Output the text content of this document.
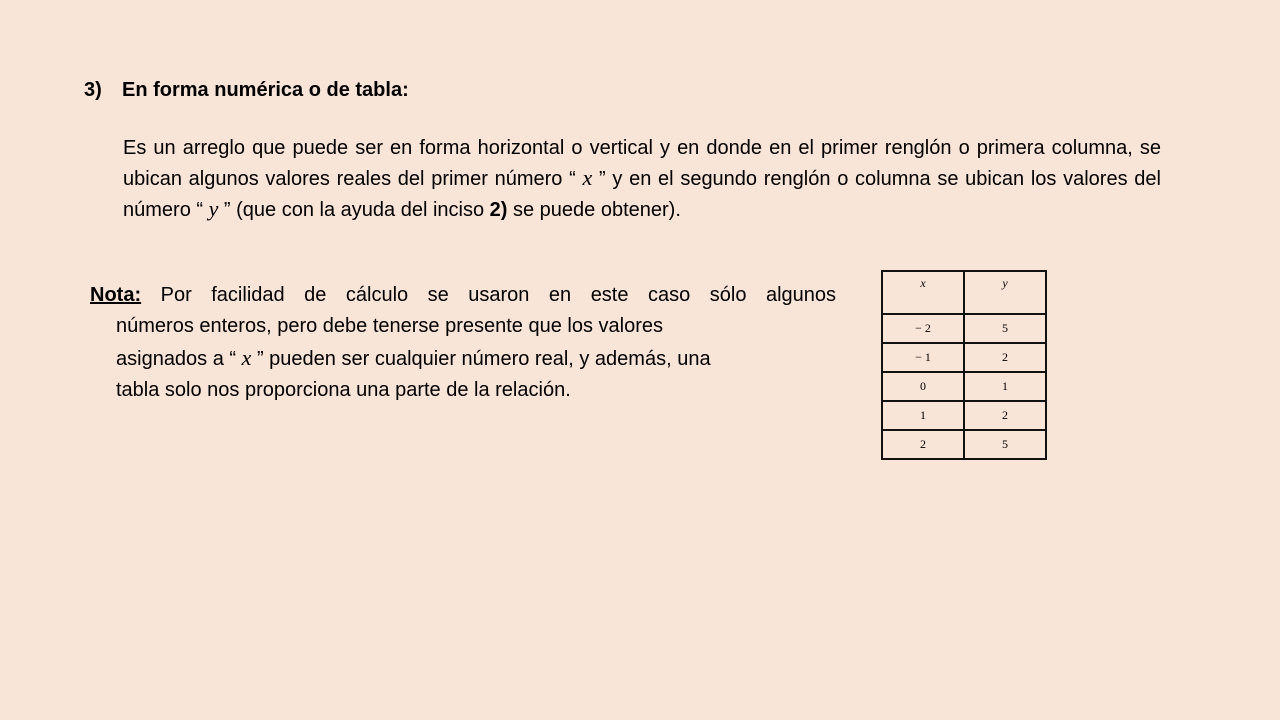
3) En forma numérica o de tabla:
Es un arreglo que puede ser en forma horizontal o vertical y en donde en el primer renglón o primera columna, se ubican algunos valores reales del primer número “ x ” y en el segundo renglón o columna se ubican los valores del número “ y ” (que con la ayuda del inciso 2) se puede obtener).
Nota: Por facilidad de cálculo se usaron en este caso sólo algunos
números enteros, pero debe tenerse presente que los valores
asignados a “ x ” pueden ser cualquier número real, y además, una
tabla solo nos proporciona una parte de la relación.
x	y
− 2	5
− 1	2
0	1
1	2
2	5
